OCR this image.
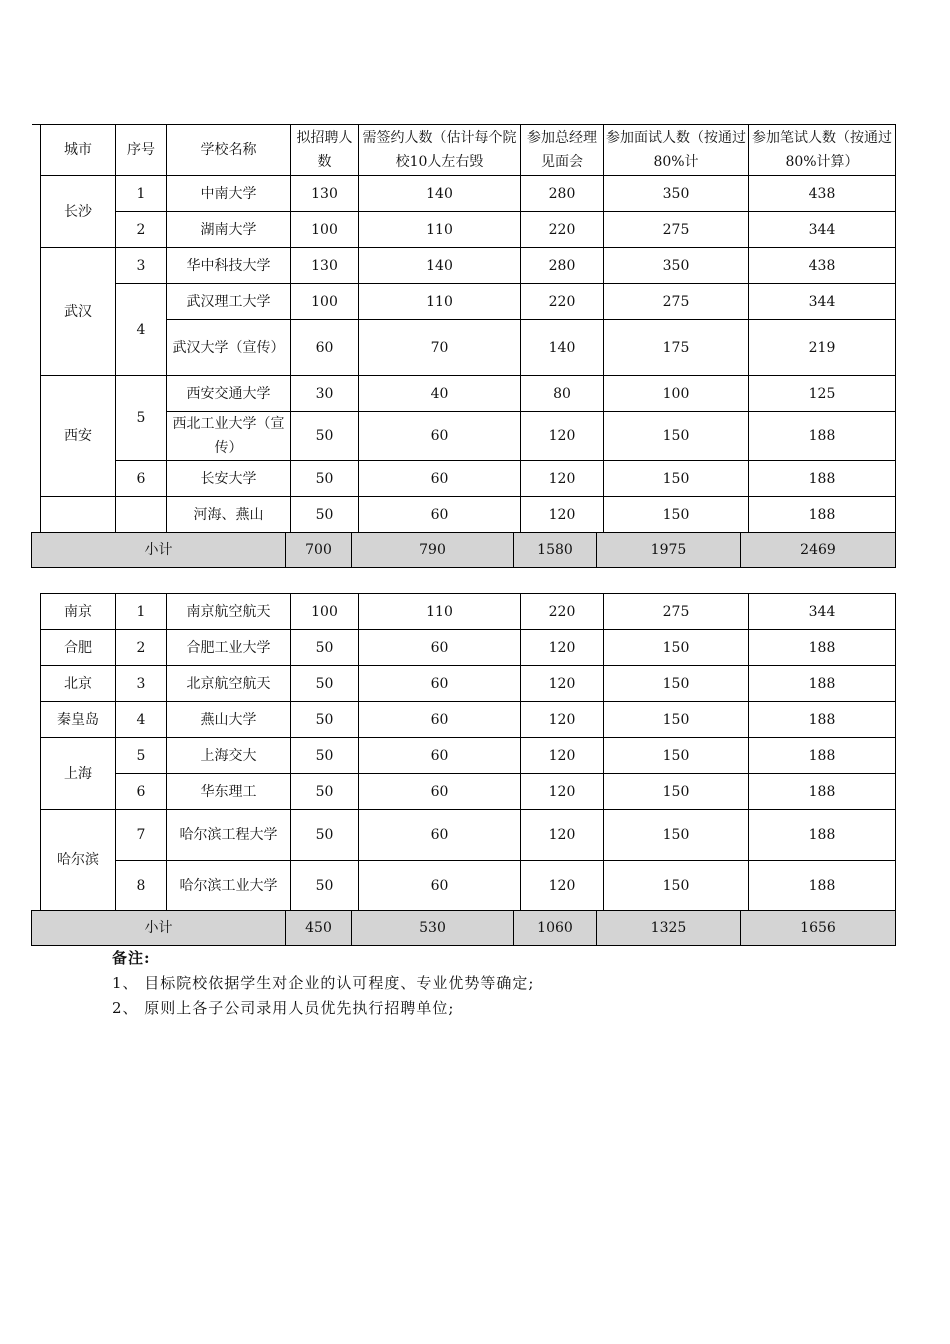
城市	序号	学校名称	拟招聘人数	需签约人数（估计每个院校10人左右毁	参加总经理见面会	参加面试人数（按通过80%计	参加笔试人数（按通过80%计算）
长沙	1	中南大学	130	140	280	350	438
	2	湖南大学	100	110	220	275	344
武汉	3	华中科技大学	130	140	280	350	438
	4	武汉理工大学	100	110	220	275	344
		武汉大学（宣传）	60	70	140	175	219
西安	5	西安交通大学	30	40	80	100	125
		西北工业大学（宣传）	50	60	120	150	188
	6	长安大学	50	60	120	150	188
		河海、燕山	50	60	120	150	188
小计	700	790	1580	1975	2469
南京	1	南京航空航天	100	110	220	275	344
合肥	2	合肥工业大学	50	60	120	150	188
北京	3	北京航空航天	50	60	120	150	188
秦皇岛	4	燕山大学	50	60	120	150	188
上海	5	上海交大	50	60	120	150	188
	6	华东理工	50	60	120	150	188
哈尔滨	7	哈尔滨工程大学	50	60	120	150	188
	8	哈尔滨工业大学	50	60	120	150	188
小计	450	530	1060	1325	1656
备注:
1、 目标院校依据学生对企业的认可程度、专业优势等确定;
2、 原则上各子公司录用人员优先执行招聘单位;
